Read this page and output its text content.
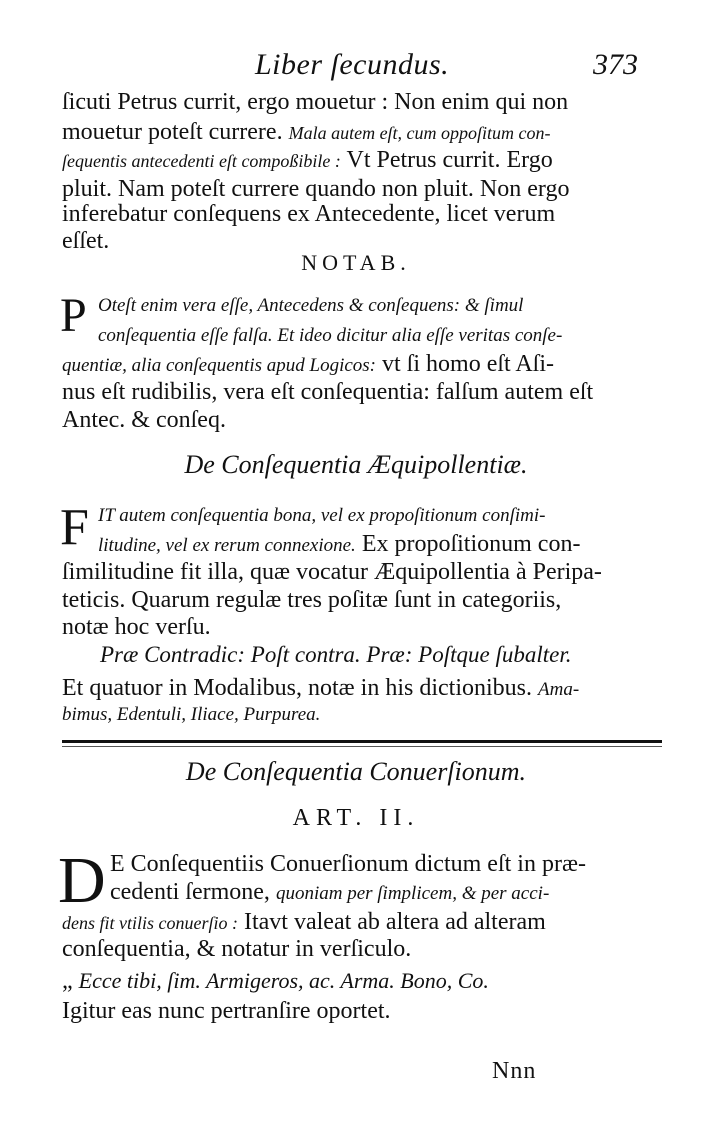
Liber ſecundus.	373
ſicuti Petrus currit, ergo mouetur : Non enim qui non
mouetur poteſt currere. Mala autem eſt, cum oppoſitum con-
ſequentis antecedenti eſt compoßibile : Vt Petrus currit. Ergo
pluit. Nam poteſt currere quando non pluit. Non ergo
inferebatur conſequens ex Antecedente, licet verum
eſſet.
NOTAB.
P Oteſt enim vera eſſe, Antecedens & conſequens: & ſimul
conſequentia eſſe falſa. Et ideo dicitur alia eſſe veritas conſe-
quentiæ, alia conſequentis apud Logicos: vt ſi homo eſt Aſi-
nus eſt rudibilis, vera eſt conſequentia: falſum autem eſt
Antec. & conſeq.
De Conſequentia Æquipollentiæ.
F IT autem conſequentia bona, vel ex propoſitionum conſimi-
litudine, vel ex rerum connexione. Ex propoſitionum con-
ſimilitudine fit illa, quæ vocatur Æquipollentia à Peripa-
teticis. Quarum regulæ tres poſitæ ſunt in categoriis,
notæ hoc verſu.
Præ Contradic: Poſt contra. Præ: Poſtque ſubalter.
Et quatuor in Modalibus, notæ in his dictionibus. Ama-
bimus, Edentuli, Iliace, Purpurea.
De Conſequentia Conuerſionum.
ART. II.
D E Conſequentiis Conuerſionum dictum eſt in præ-
cedenti ſermone, quoniam per ſimplicem, & per acci-
dens fit vtilis conuerſio : Itavt valeat ab altera ad alteram
conſequentia, & notatur in verſiculo.
„ Ecce tibi, ſim. Armigeros, ac. Arma. Bono, Co.
Igitur eas nunc pertranſire oportet.
Nnn
